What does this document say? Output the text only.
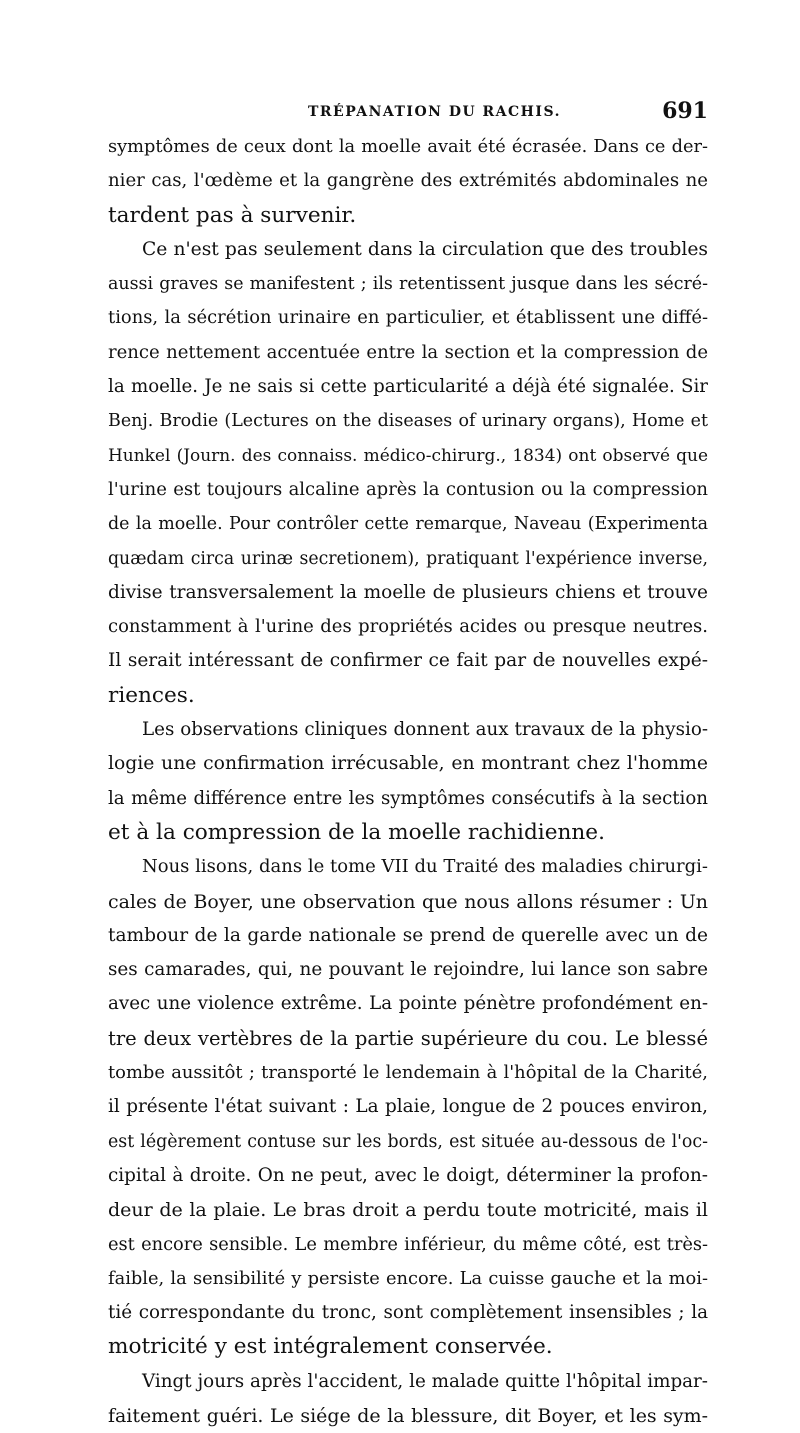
TRÉPANATION DU RACHIS.	691
symptômes de ceux dont la moelle avait été écrasée. Dans ce der-
nier cas, l'œdème et la gangrène des extrémités abdominales ne
tardent pas à survenir.
Ce n'est pas seulement dans la circulation que des troubles
aussi graves se manifestent ; ils retentissent jusque dans les sécré-
tions, la sécrétion urinaire en particulier, et établissent une diffé-
rence nettement accentuée entre la section et la compression de
la moelle. Je ne sais si cette particularité a déjà été signalée. Sir
Benj. Brodie (Lectures on the diseases of urinary organs), Home et
Hunkel (Journ. des connaiss. médico-chirurg., 1834) ont observé que
l'urine est toujours alcaline après la contusion ou la compression
de la moelle. Pour contrôler cette remarque, Naveau (Experimenta
quædam circa urinæ secretionem), pratiquant l'expérience inverse,
divise transversalement la moelle de plusieurs chiens et trouve
constamment à l'urine des propriétés acides ou presque neutres.
Il serait intéressant de confirmer ce fait par de nouvelles expé-
riences.
Les observations cliniques donnent aux travaux de la physio-
logie une confirmation irrécusable, en montrant chez l'homme
la même différence entre les symptômes consécutifs à la section
et à la compression de la moelle rachidienne.
Nous lisons, dans le tome VII du Traité des maladies chirurgi-
cales de Boyer, une observation que nous allons résumer : Un
tambour de la garde nationale se prend de querelle avec un de
ses camarades, qui, ne pouvant le rejoindre, lui lance son sabre
avec une violence extrême. La pointe pénètre profondément en-
tre deux vertèbres de la partie supérieure du cou. Le blessé
tombe aussitôt ; transporté le lendemain à l'hôpital de la Charité,
il présente l'état suivant : La plaie, longue de 2 pouces environ,
est légèrement contuse sur les bords, est située au-dessous de l'oc-
cipital à droite. On ne peut, avec le doigt, déterminer la profon-
deur de la plaie. Le bras droit a perdu toute motricité, mais il
est encore sensible. Le membre inférieur, du même côté, est très-
faible, la sensibilité y persiste encore. La cuisse gauche et la moi-
tié correspondante du tronc, sont complètement insensibles ; la
motricité y est intégralement conservée.
Vingt jours après l'accident, le malade quitte l'hôpital impar-
faitement guéri. Le siége de la blessure, dit Boyer, et les sym-
